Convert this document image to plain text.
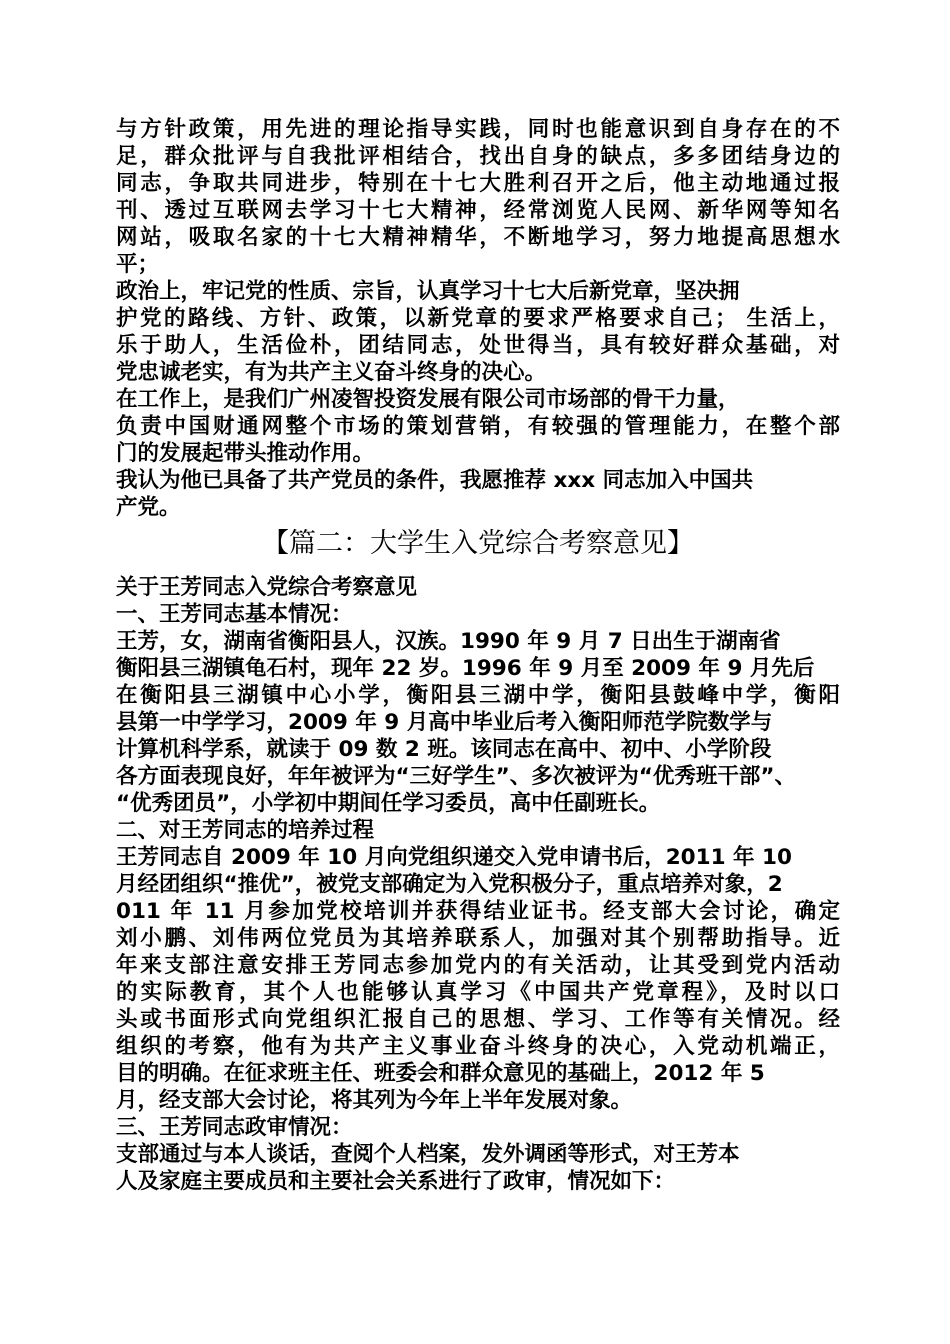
与方针政策，用先进的理论指导实践，同时也能意识到自身存在的不
足，群众批评与自我批评相结合，找出自身的缺点，多多团结身边的
同志，争取共同进步，特别在十七大胜利召开之后，他主动地通过报
刊、透过互联网去学习十七大精神，经常浏览人民网、新华网等知名
网站，吸取名家的十七大精神精华，不断地学习，努力地提高思想水
平；
政治上，牢记党的性质、宗旨，认真学习十七大后新党章，坚决拥
护党的路线、方针、政策，以新党章的要求严格要求自己； 生活上，
乐于助人，生活俭朴，团结同志，处世得当，具有较好群众基础，对
党忠诚老实，有为共产主义奋斗终身的决心。
在工作上，是我们广州凌智投资发展有限公司市场部的骨干力量，
负责中国财通网整个市场的策划营销，有较强的管理能力，在整个部
门的发展起带头推动作用。
我认为他已具备了共产党员的条件，我愿推荐 xxx 同志加入中国共
产党。
【篇二：大学生入党综合考察意见】
关于王芳同志入党综合考察意见
一、王芳同志基本情况：
王芳，女，湖南省衡阳县人，汉族。1990 年 9 月 7 日出生于湖南省
衡阳县三湖镇龟石村，现年 22 岁。1996 年 9 月至 2009 年 9 月先后
在衡阳县三湖镇中心小学，衡阳县三湖中学，衡阳县鼓峰中学，衡阳
县第一中学学习，2009 年 9 月高中毕业后考入衡阳师范学院数学与
计算机科学系，就读于 09 数 2 班。该同志在高中、初中、小学阶段
各方面表现良好，年年被评为“三好学生”、多次被评为“优秀班干部”、
“优秀团员”，小学初中期间任学习委员，高中任副班长。
二、对王芳同志的培养过程
王芳同志自 2009 年 10 月向党组织递交入党申请书后，2011 年 10
月经团组织“推优”，被党支部确定为入党积极分子，重点培养对象，2
011 年 11 月参加党校培训并获得结业证书。经支部大会讨论，确定
刘小鹏、刘伟两位党员为其培养联系人，加强对其个别帮助指导。近
年来支部注意安排王芳同志参加党内的有关活动，让其受到党内活动
的实际教育，其个人也能够认真学习《中国共产党章程》，及时以口
头或书面形式向党组织汇报自己的思想、学习、工作等有关情况。经
组织的考察，他有为共产主义事业奋斗终身的决心，入党动机端正，
目的明确。在征求班主任、班委会和群众意见的基础上，2012 年 5
月，经支部大会讨论，将其列为今年上半年发展对象。
三、王芳同志政审情况：
支部通过与本人谈话，查阅个人档案，发外调函等形式，对王芳本
人及家庭主要成员和主要社会关系进行了政审，情况如下：
